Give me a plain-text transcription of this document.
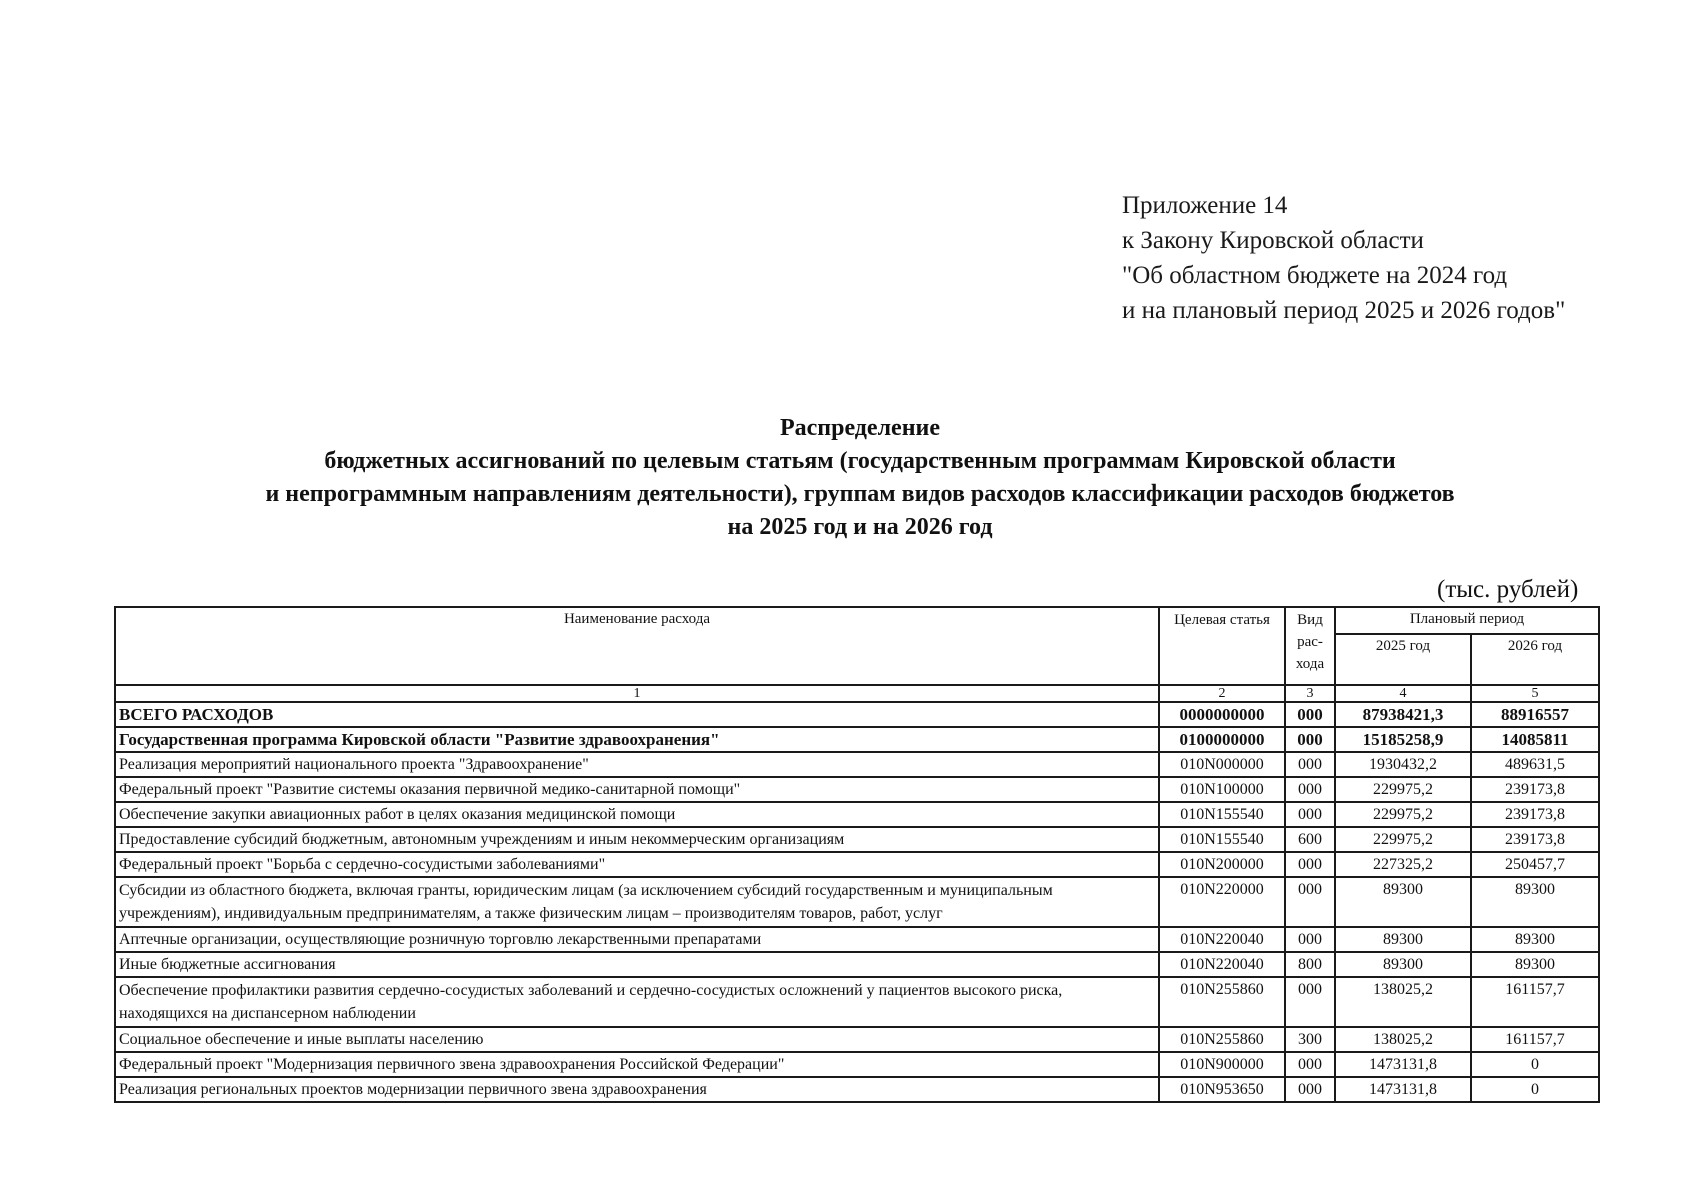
Приложение 14
к Закону Кировской области
"Об областном бюджете на 2024 год
и на плановый период 2025 и 2026 годов"
Распределение
бюджетных ассигнований по целевым статьям (государственным программам Кировской области
и непрограммным направлениям деятельности), группам видов расходов классификации расходов бюджетов
на 2025 год и на 2026 год
(тыс. рублей)
Наименование расхода	Целевая статья	Вид рас-хода	Плановый период	
			2025 год	2026 год
1	2	3	4	5
ВСЕГО РАСХОДОВ	0000000000	000	87938421,3	88916557
Государственная программа Кировской области "Развитие здравоохранения"	0100000000	000	15185258,9	14085811
Реализация мероприятий национального проекта "Здравоохранение"	010N000000	000	1930432,2	489631,5
Федеральный проект "Развитие системы оказания первичной медико-санитарной помощи"	010N100000	000	229975,2	239173,8
Обеспечение закупки авиационных работ в целях оказания медицинской помощи	010N155540	000	229975,2	239173,8
Предоставление субсидий бюджетным, автономным учреждениям и иным некоммерческим организациям	010N155540	600	229975,2	239173,8
Федеральный проект "Борьба с сердечно-сосудистыми заболеваниями"	010N200000	000	227325,2	250457,7
Субсидии из областного бюджета, включая гранты, юридическим лицам (за исключением субсидий государственным и муниципальным учреждениям), индивидуальным предпринимателям, а также физическим лицам – производителям товаров, работ, услуг	010N220000	000	89300	89300
Аптечные организации, осуществляющие розничную торговлю лекарственными препаратами	010N220040	000	89300	89300
Иные бюджетные ассигнования	010N220040	800	89300	89300
Обеспечение профилактики развития сердечно-сосудистых заболеваний и сердечно-сосудистых осложнений у пациентов высокого риска, находящихся на диспансерном наблюдении	010N255860	000	138025,2	161157,7
Социальное обеспечение и иные выплаты населению	010N255860	300	138025,2	161157,7
Федеральный проект "Модернизация первичного звена здравоохранения Российской Федерации"	010N900000	000	1473131,8	0
Реализация региональных проектов модернизации первичного звена здравоохранения	010N953650	000	1473131,8	0
